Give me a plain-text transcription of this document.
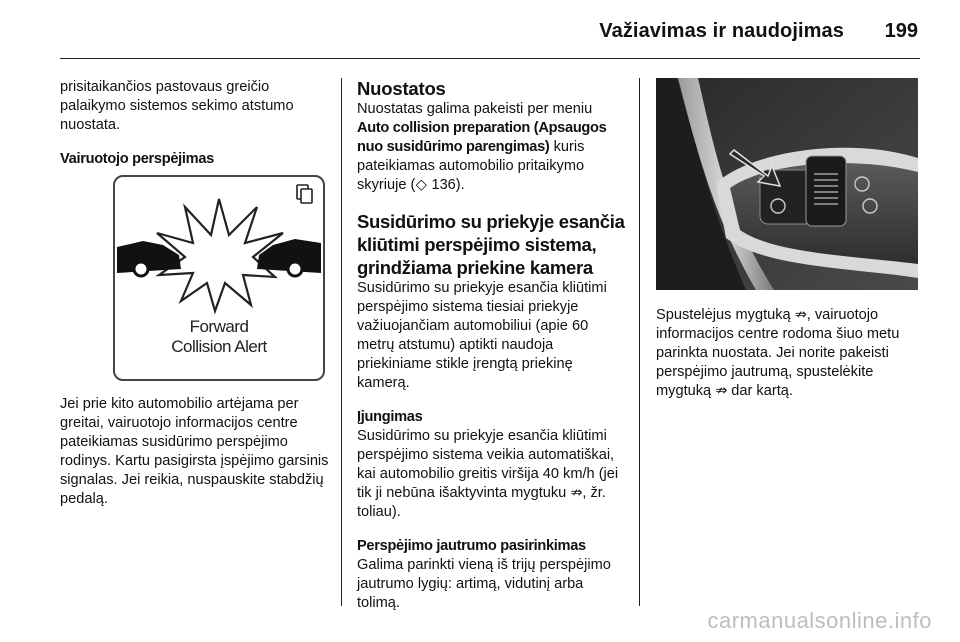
Važiavimas ir naudojimas 199

prisitaikančios pastovaus greičio palaikymo sistemos sekimo atstumo nuostata.

Vairuotojo perspėjimas

Forward
Collision Alert

Jei prie kito automobilio artėjama per greitai, vairuotojo informacijos centre pateikiamas susidūrimo perspėjimo rodinys. Kartu pasigirsta įspėjimo garsinis signalas. Jei reikia, nuspauskite stabdžių pedalą.

Nuostatos

Nuostatas galima pakeisti per meniu Auto collision preparation (Apsaugos nuo susidūrimo parengimas) kuris pateikiamas automobilio pritaikymo skyriuje (◇ 136).

Susidūrimo su priekyje esančia kliūtimi perspėjimo sistema, grindžiama priekine kamera

Susidūrimo su priekyje esančia kliūtimi perspėjimo sistema tiesiai priekyje važiuojančiam automobiliui (apie 60 metrų atstumu) aptikti naudoja priekiniame stikle įrengtą priekinę kamerą.

Įjungimas

Susidūrimo su priekyje esančia kliūtimi perspėjimo sistema veikia automatiškai, kai automobilio greitis viršija 40 km/h (jei tik ji nebūna išaktyvinta mygtuku ⇏, žr. toliau).

Perspėjimo jautrumo pasirinkimas

Galima parinkti vieną iš trijų perspėjimo jautrumo lygių: artimą, vidutinį arba tolimą.

Spustelėjus mygtuką ⇏, vairuotojo informacijos centre rodoma šiuo metu parinkta nuostata. Jei norite pakeisti perspėjimo jautrumą, spustelėkite mygtuką ⇏ dar kartą.

carmanualsonline.info
